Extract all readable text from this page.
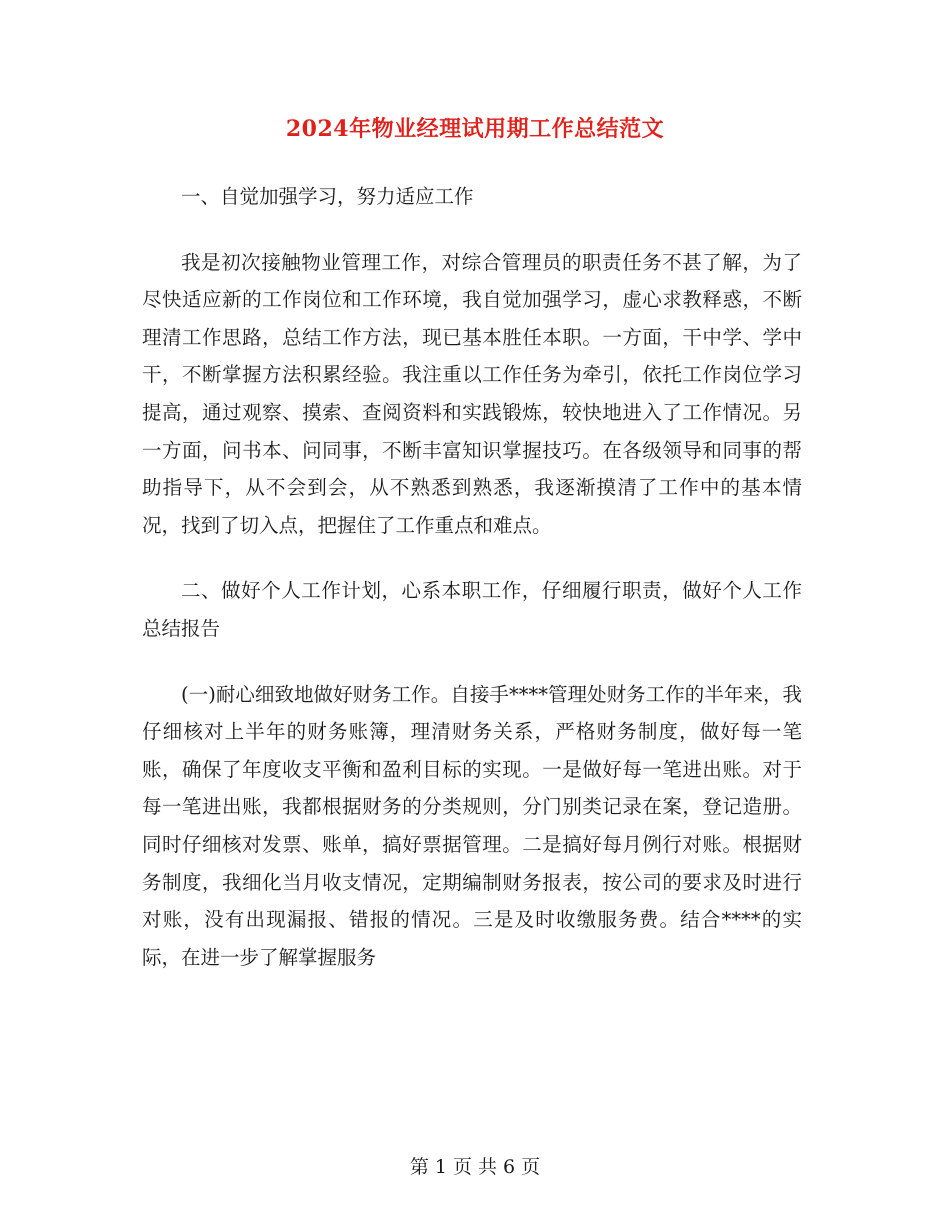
2024年物业经理试用期工作总结范文

一、自觉加强学习，努力适应工作

我是初次接触物业管理工作，对综合管理员的职责任务不甚了解，为了尽快适应新的工作岗位和工作环境，我自觉加强学习，虚心求教释惑，不断理清工作思路，总结工作方法，现已基本胜任本职。一方面，干中学、学中干，不断掌握方法积累经验。我注重以工作任务为牵引，依托工作岗位学习提高，通过观察、摸索、查阅资料和实践锻炼，较快地进入了工作情况。另一方面，问书本、问同事，不断丰富知识掌握技巧。在各级领导和同事的帮助指导下，从不会到会，从不熟悉到熟悉，我逐渐摸清了工作中的基本情况，找到了切入点，把握住了工作重点和难点。

二、做好个人工作计划，心系本职工作，仔细履行职责，做好个人工作总结报告

(一)耐心细致地做好财务工作。自接手****管理处财务工作的半年来，我仔细核对上半年的财务账簿，理清财务关系，严格财务制度，做好每一笔账，确保了年度收支平衡和盈利目标的实现。一是做好每一笔进出账。对于每一笔进出账，我都根据财务的分类规则，分门别类记录在案，登记造册。同时仔细核对发票、账单，搞好票据管理。二是搞好每月例行对账。根据财务制度，我细化当月收支情况，定期编制财务报表，按公司的要求及时进行对账，没有出现漏报、错报的情况。三是及时收缴服务费。结合****的实际，在进一步了解掌握服务

第 1 页 共 6 页
